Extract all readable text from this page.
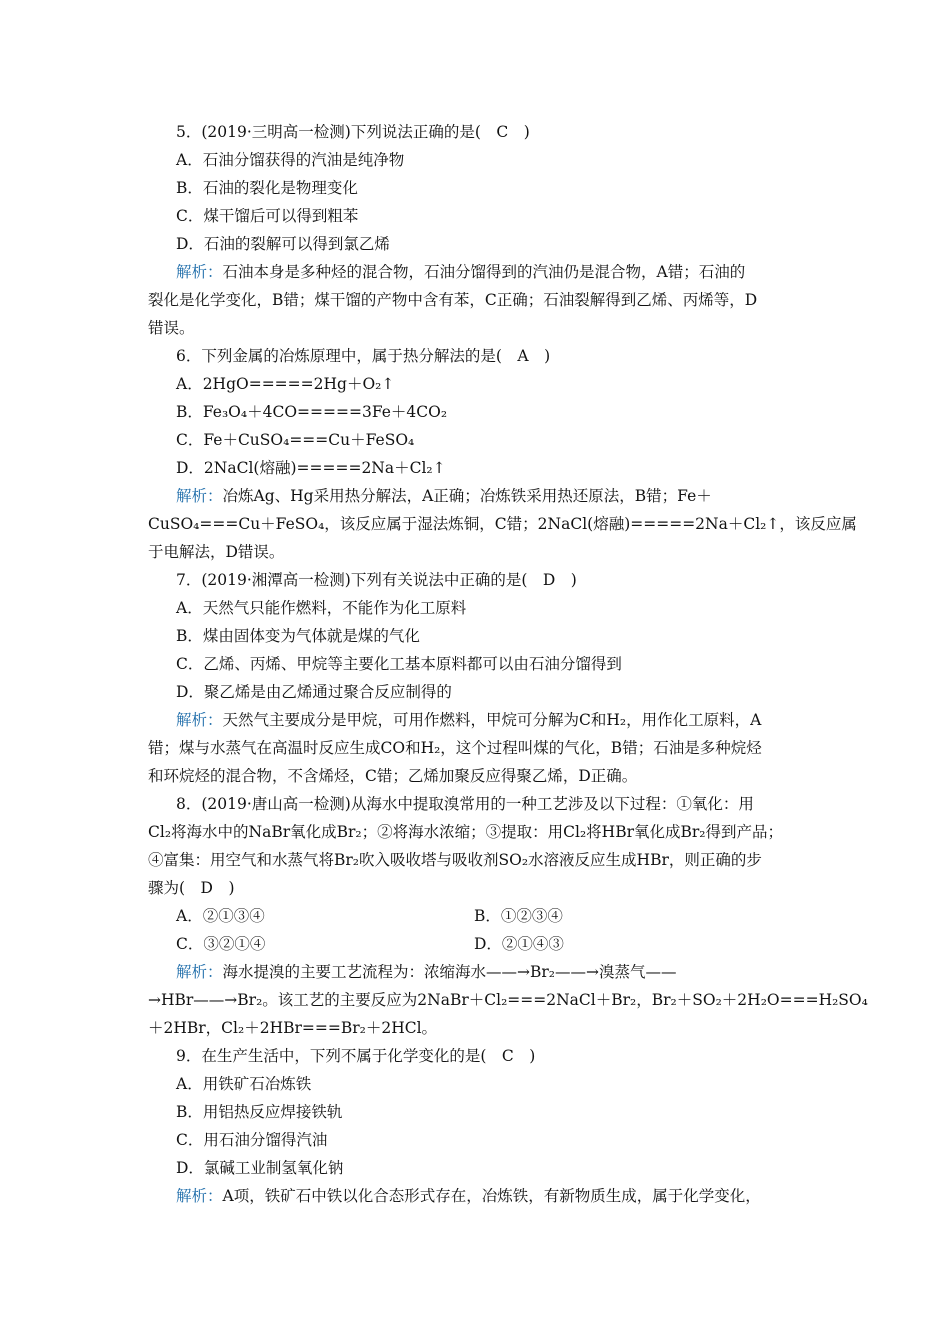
5．(2019·三明高一检测)下列说法正确的是(　C　)
A．石油分馏获得的汽油是纯净物
B．石油的裂化是物理变化
C．煤干馏后可以得到粗苯
D．石油的裂解可以得到氯乙烯
解析：石油本身是多种烃的混合物，石油分馏得到的汽油仍是混合物，A错；石油的
裂化是化学变化，B错；煤干馏的产物中含有苯，C正确；石油裂解得到乙烯、丙烯等，D
错误。
6．下列金属的冶炼原理中，属于热分解法的是(　A　)
A．2HgO=====2Hg＋O₂↑
B．Fe₃O₄＋4CO=====3Fe＋4CO₂
C．Fe＋CuSO₄===Cu＋FeSO₄
D．2NaCl(熔融)=====2Na＋Cl₂↑
解析：冶炼Ag、Hg采用热分解法，A正确；冶炼铁采用热还原法，B错；Fe＋
CuSO₄===Cu＋FeSO₄，该反应属于湿法炼铜，C错；2NaCl(熔融)=====2Na＋Cl₂↑，该反应属
于电解法，D错误。
7．(2019·湘潭高一检测)下列有关说法中正确的是(　D　)
A．天然气只能作燃料，不能作为化工原料
B．煤由固体变为气体就是煤的气化
C．乙烯、丙烯、甲烷等主要化工基本原料都可以由石油分馏得到
D．聚乙烯是由乙烯通过聚合反应制得的
解析：天然气主要成分是甲烷，可用作燃料，甲烷可分解为C和H₂，用作化工原料，A
错；煤与水蒸气在高温时反应生成CO和H₂，这个过程叫煤的气化，B错；石油是多种烷烃
和环烷烃的混合物，不含烯烃，C错；乙烯加聚反应得聚乙烯，D正确。
8．(2019·唐山高一检测)从海水中提取溴常用的一种工艺涉及以下过程：①氧化：用
Cl₂将海水中的NaBr氧化成Br₂；②将海水浓缩；③提取：用Cl₂将HBr氧化成Br₂得到产品；
④富集：用空气和水蒸气将Br₂吹入吸收塔与吸收剂SO₂水溶液反应生成HBr，则正确的步
骤为(　D　)
A．②①③④	B．①②③④
C．③②①④	D．②①④③
解析：海水提溴的主要工艺流程为：浓缩海水——→Br₂——→溴蒸气——
→HBr——→Br₂。该工艺的主要反应为2NaBr＋Cl₂===2NaCl＋Br₂，Br₂＋SO₂＋2H₂O===H₂SO₄
＋2HBr，Cl₂＋2HBr===Br₂＋2HCl。
9．在生产生活中，下列不属于化学变化的是(　C　)
A．用铁矿石冶炼铁
B．用铝热反应焊接铁轨
C．用石油分馏得汽油
D．氯碱工业制氢氧化钠
解析：A项，铁矿石中铁以化合态形式存在，冶炼铁，有新物质生成，属于化学变化，
